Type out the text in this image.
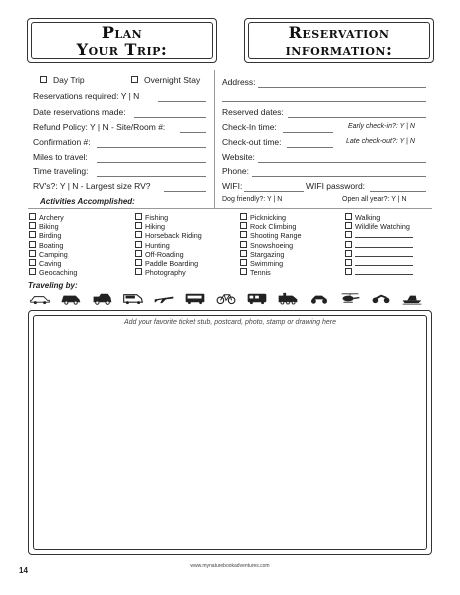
Plan
Your Trip:
Reservation
information:
Day Trip	Overnight Stay
Reservations required: Y | N
Date reservations made:
Refund Policy: Y | N - Site/Room #:
Confirmation #:
Miles to travel:
Time traveling:
RV's?: Y | N - Largest size RV?
Address:
Reserved dates:
Check-In time:	Early check-in?: Y | N
Check-out time:	Late check-out?: Y | N
Website:
Phone:
WIFI:	WIFI password:
Dog friendly?: Y | N	Open all year?: Y | N
Activities Accomplished:
Archery
Biking
Birding
Boating
Camping
Caving
Geocaching
Fishing
Hiking
Horseback Riding
Hunting
Off-Roading
Paddle Boarding
Photography
Picknicking
Rock Climbing
Shooting Range
Snowshoeing
Stargazing
Swimming
Tennis
Walking
Wildlife Watching
Traveling by:
Add your favorite ticket stub, postcard, photo, stamp or drawing here
www.mynaturebookadventures.com
14
